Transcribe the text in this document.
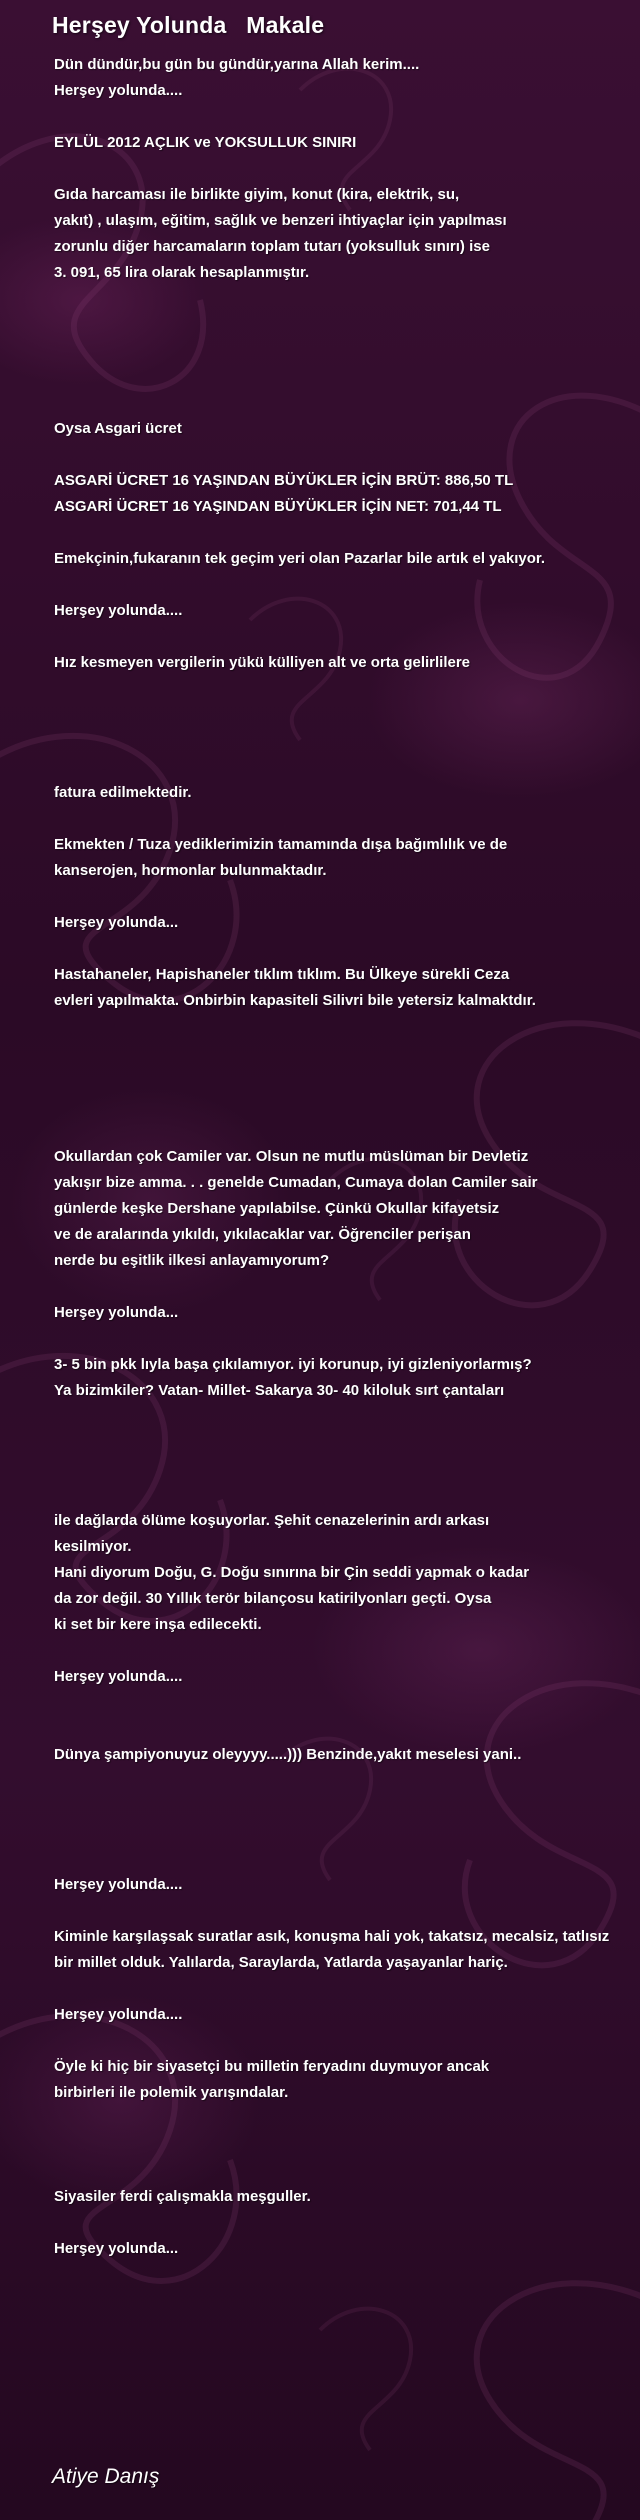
Herşey Yolunda   Makale
Dün dündür,bu gün bu gündür,yarına Allah kerim....
Herşey yolunda....
EYLÜL 2012 AÇLIK ve YOKSULLUK SINIRI
Gıda harcaması ile birlikte giyim, konut (kira, elektrik, su,
yakıt) , ulaşım, eğitim, sağlık ve benzeri ihtiyaçlar için yapılması
zorunlu diğer harcamaların toplam tutarı (yoksulluk sınırı) ise
3. 091, 65 lira olarak hesaplanmıştır.
Oysa Asgari ücret
ASGARİ ÜCRET 16 YAŞINDAN BÜYÜKLER İÇİN BRÜT: 886,50 TL
ASGARİ ÜCRET 16 YAŞINDAN BÜYÜKLER İÇİN NET: 701,44 TL
Emekçinin,fukaranın tek geçim yeri olan Pazarlar bile artık el yakıyor.
Herşey yolunda....
Hız kesmeyen vergilerin yükü külliyen alt ve orta gelirlilere
fatura edilmektedir.
Ekmekten / Tuza yediklerimizin tamamında dışa bağımlılık ve de
kanserojen, hormonlar bulunmaktadır.
Herşey yolunda...
Hastahaneler, Hapishaneler tıklım tıklım. Bu Ülkeye sürekli Ceza
evleri yapılmakta. Onbirbin kapasiteli Silivri bile yetersiz kalmaktdır.
Okullardan çok Camiler var. Olsun ne mutlu müslüman bir Devletiz
yakışır bize amma. . . genelde Cumadan, Cumaya dolan Camiler sair
günlerde keşke Dershane yapılabilse. Çünkü Okullar kifayetsiz
ve de aralarında yıkıldı, yıkılacaklar var. Öğrenciler perişan
nerde bu eşitlik ilkesi anlayamıyorum?
Herşey yolunda...
3- 5 bin pkk lıyla başa çıkılamıyor. iyi korunup, iyi gizleniyorlarmış?
Ya bizimkiler? Vatan- Millet- Sakarya 30- 40 kiloluk sırt çantaları
ile dağlarda ölüme koşuyorlar. Şehit cenazelerinin ardı arkası
kesilmiyor.
Hani diyorum Doğu, G. Doğu sınırına bir Çin seddi yapmak o kadar
da zor değil. 30 Yıllık terör bilançosu katirilyonları geçti. Oysa
ki set bir kere inşa edilecekti.
Herşey yolunda....
Dünya şampiyonuyuz oleyyyy.....))) Benzinde,yakıt meselesi yani..
Herşey yolunda....
Kiminle karşılaşsak suratlar asık, konuşma hali yok, takatsız, mecalsiz, tatlısız
bir millet olduk. Yalılarda, Saraylarda, Yatlarda yaşayanlar hariç.
Herşey yolunda....
Öyle ki hiç bir siyasetçi bu milletin feryadını duymuyor ancak
birbirleri ile polemik yarışındalar.
Siyasiler ferdi çalışmakla meşguller.
Herşey yolunda...
Atiye Danış
